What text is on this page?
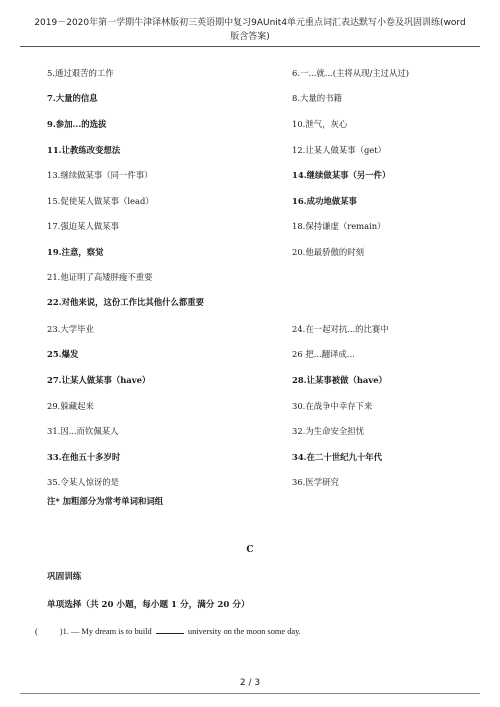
2019－2020年第一学期牛津译林版初三英语期中复习9AUnit4单元重点词汇表达默写小卷及巩固训练(word
版含答案)
5.通过艰苦的工作	6.一...就...(主将从现/主过从过)
7.大量的信息	8.大量的书籍
9.参加...的选拔	10.泄气，灰心
11.让教练改变想法	12.让某人做某事（get）
13.继续做某事（同一件事）	14.继续做某事（另一件）
15.促使某人做某事（lead）	16.成功地做某事
17.强迫某人做某事	18.保持谦虚（remain）
19.注意，察觉	20.他最骄傲的时刻
21.他证明了高矮胖瘦不重要
22.对他来说，这份工作比其他什么都重要
23.大学毕业	24.在一起对抗...的比赛中
25.爆发	26 把...翻译成...
27.让某人做某事（have）	28.让某事被做（have）
29.躲藏起来	30.在战争中幸存下来
31.因...而钦佩某人	32.为生命安全担忧
33.在他五十多岁时	34.在二十世纪九十年代
35.令某人惊讶的是	36.医学研究
注* 加粗部分为常考单词和词组
C
巩固训练
单项选择（共 20 小题，每小题 1 分，满分 20 分）
(	)1. — My dream is to build	university on the moon some day.
2 / 3
